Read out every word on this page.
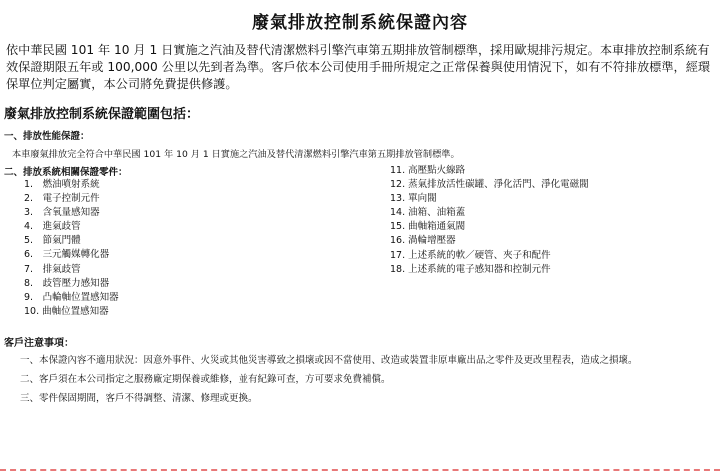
廢氣排放控制系統保證內容

依中華民國 101 年 10 月 1 日實施之汽油及替代清潔燃料引擎汽車第五期排放管制標準，採用歐規排污規定。本車排放控制系統有效保證期限五年或 100,000 公里以先到者為準。客戶依本公司使用手冊所規定之正常保養與使用情況下，如有不符排放標準，經環保單位判定屬實，本公司將免費提供修護。

廢氣排放控制系統保證範圍包括：
一、排放性能保證：
本車廢氣排放完全符合中華民國 101 年 10 月 1 日實施之汽油及替代清潔燃料引擎汽車第五期排放管制標準。
二、排放系統相關保證零件：
1.　燃油噴射系統
2.　電子控制元件
3.　含氧量感知器
4.　進氣歧管
5.　節氣門體
6.　三元觸媒轉化器
7.　排氣歧管
8.　歧管壓力感知器
9.　凸輪軸位置感知器
10. 曲軸位置感知器
11. 高壓點火線路
12. 蒸氣排放活性碳罐、淨化活門、淨化電磁閥
13. 單向閥
14. 油箱、油箱蓋
15. 曲軸箱通氣閥
16. 渦輪增壓器
17. 上述系統的軟／硬管、夾子和配件
18. 上述系統的電子感知器和控制元件
客戶注意事項：

一、本保證內容不適用狀況：因意外事件、火災或其他災害導致之損壞或因不當使用、改造或裝置非原車廠出品之零件及更改里程表，造成之損壞。

二、客戶須在本公司指定之服務廠定期保養或維修，並有紀錄可查，方可要求免費補償。

三、零件保固期間，客戶不得調整、清潔、修理或更換。
